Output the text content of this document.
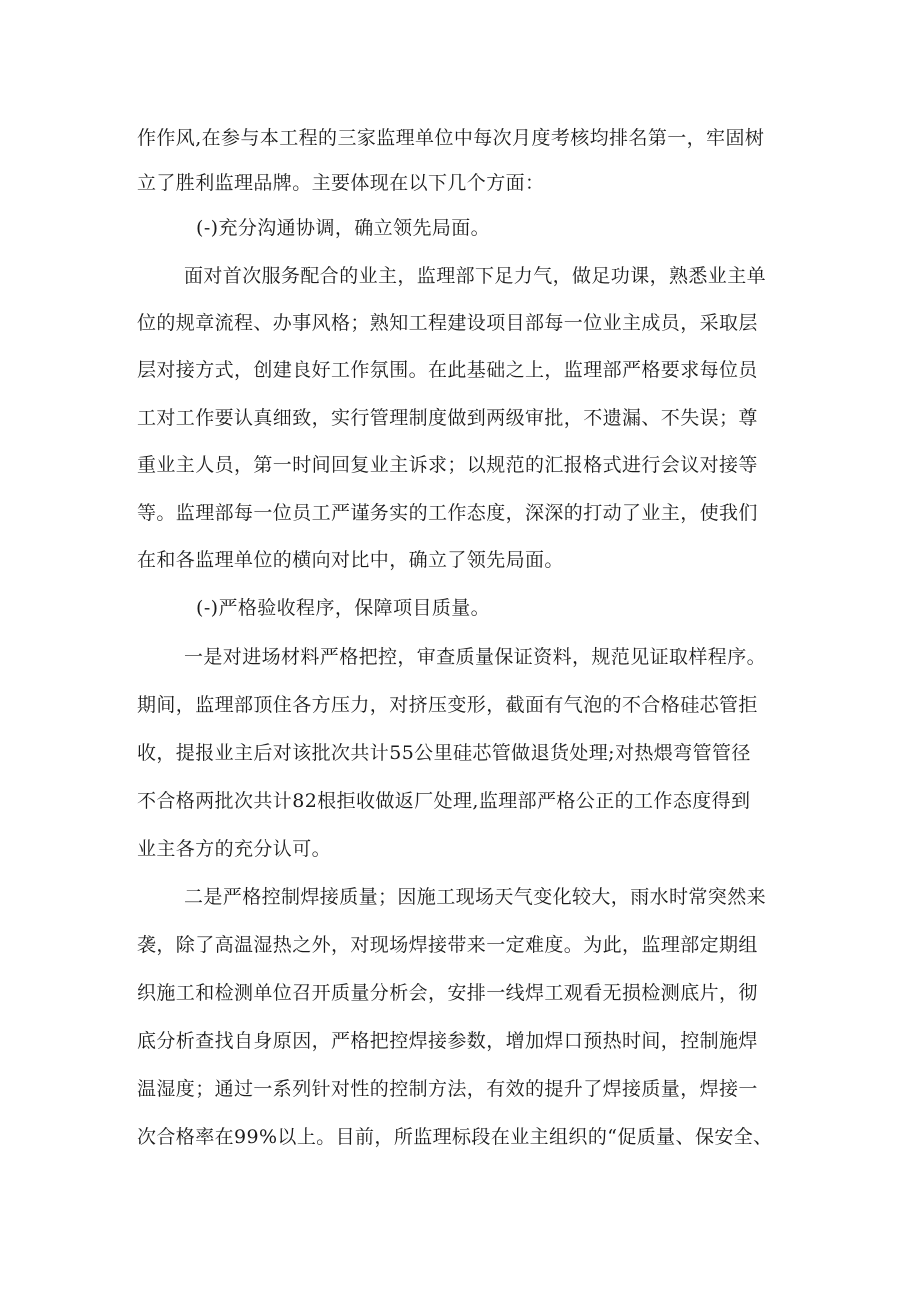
作作风,在参与本工程的三家监理单位中每次月度考核均排名第一，牢固树
立了胜利监理品牌。主要体现在以下几个方面：
(-)充分沟通协调，确立领先局面。
面对首次服务配合的业主，监理部下足力气，做足功课，熟悉业主单
位的规章流程、办事风格；熟知工程建设项目部每一位业主成员，采取层
层对接方式，创建良好工作氛围。在此基础之上，监理部严格要求每位员
工对工作要认真细致，实行管理制度做到两级审批，不遗漏、不失误；尊
重业主人员，第一时间回复业主诉求；以规范的汇报格式进行会议对接等
等。监理部每一位员工严谨务实的工作态度，深深的打动了业主，使我们
在和各监理单位的横向对比中，确立了领先局面。
(-)严格验收程序，保障项目质量。
一是对进场材料严格把控，审查质量保证资料，规范见证取样程序。
期间，监理部顶住各方压力，对挤压变形，截面有气泡的不合格硅芯管拒
收，提报业主后对该批次共计55公里硅芯管做退货处理;对热煨弯管管径
不合格两批次共计82根拒收做返厂处理,监理部严格公正的工作态度得到
业主各方的充分认可。
二是严格控制焊接质量；因施工现场天气变化较大，雨水时常突然来
袭，除了高温湿热之外，对现场焊接带来一定难度。为此，监理部定期组
织施工和检测单位召开质量分析会，安排一线焊工观看无损检测底片，彻
底分析查找自身原因，严格把控焊接参数，增加焊口预热时间，控制施焊
温湿度；通过一系列针对性的控制方法，有效的提升了焊接质量，焊接一
次合格率在99%以上。目前，所监理标段在业主组织的“促质量、保安全、
